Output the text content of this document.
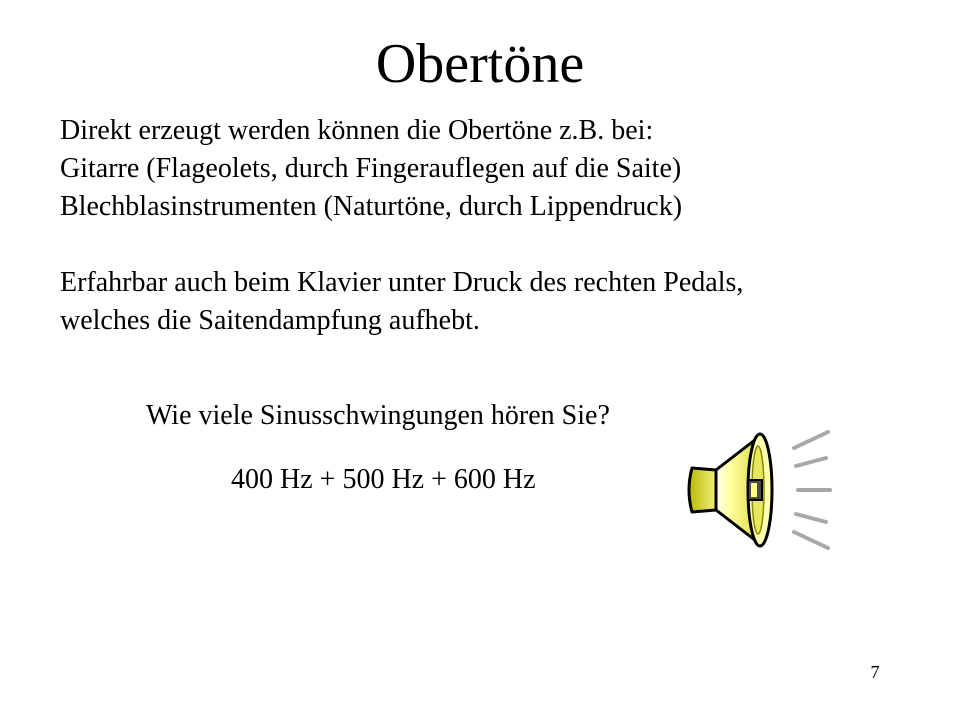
Obertöne
Direkt erzeugt werden können die Obertöne z.B. bei:
Gitarre (Flageolets, durch Fingerauflegen auf die Saite)
Blechblasinstrumenten (Naturtöne, durch Lippendruck)
Erfahrbar auch beim Klavier unter Druck des rechten Pedals,
welches die Saitendampfung aufhebt.
Wie viele Sinusschwingungen hören Sie?
400 Hz + 500 Hz + 600 Hz
7
